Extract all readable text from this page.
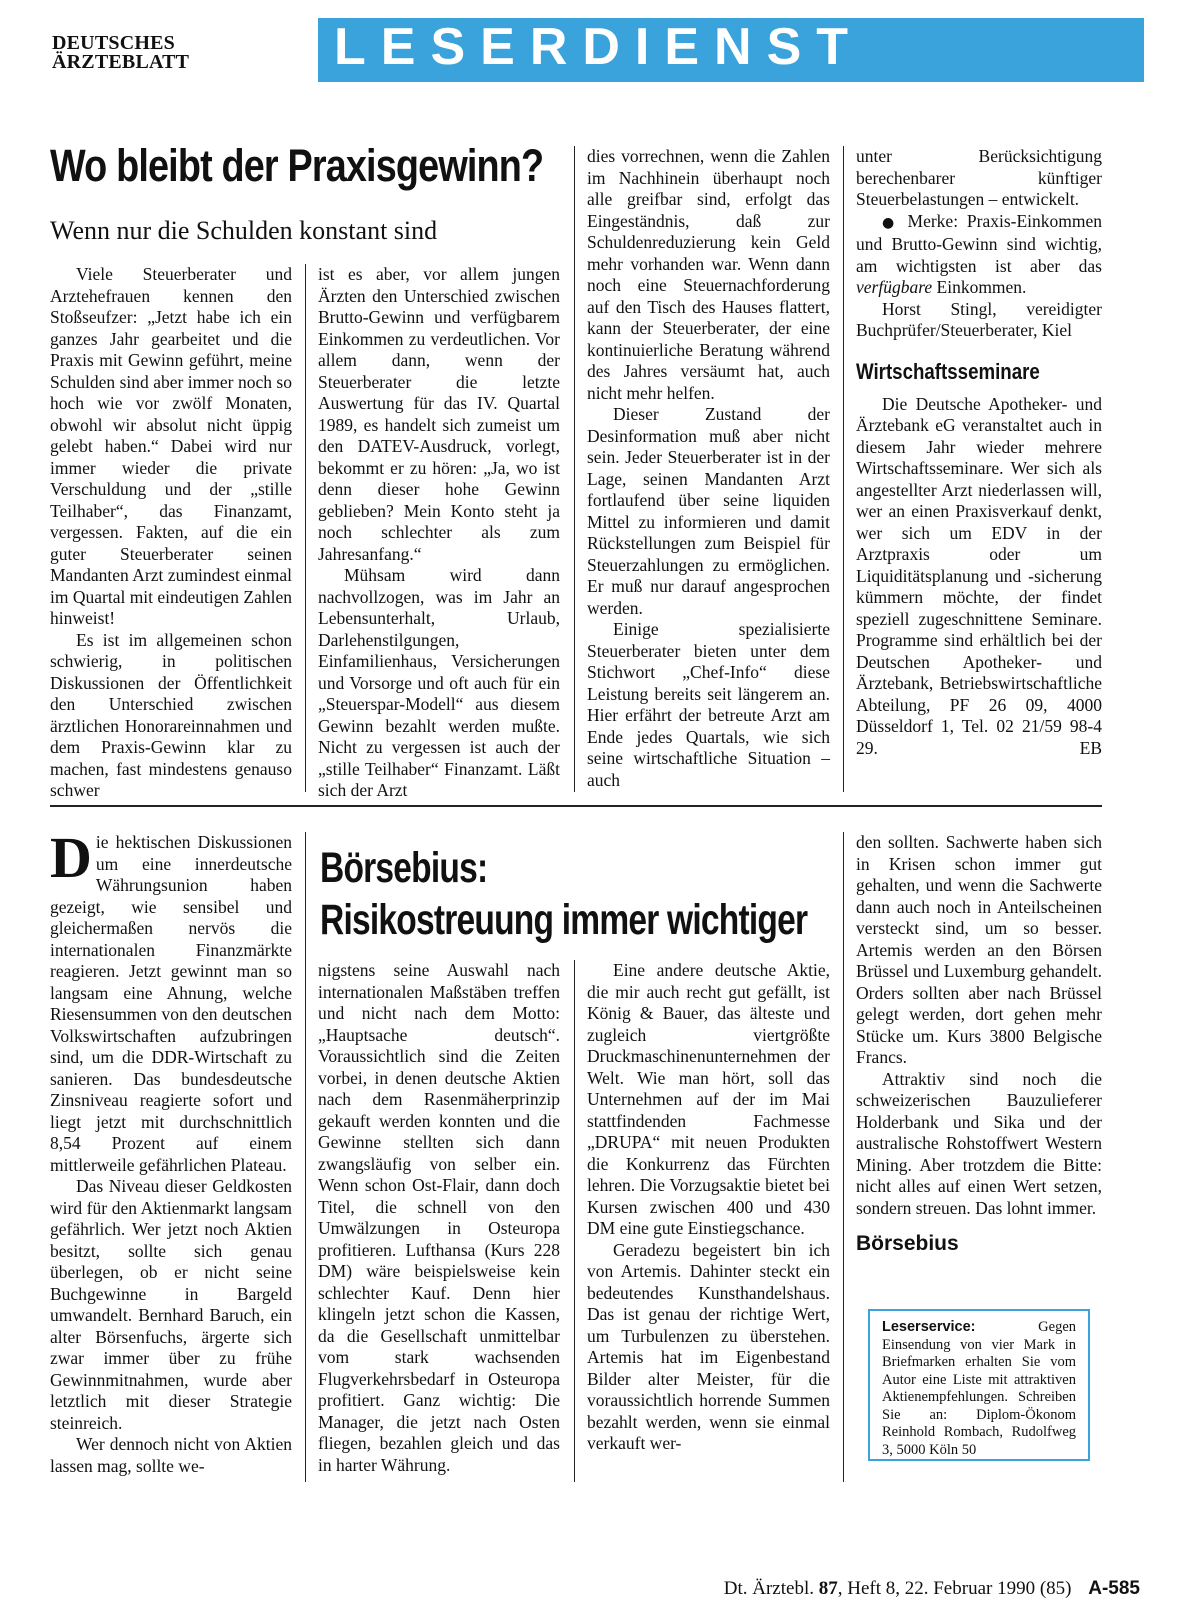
DEUTSCHES
ÄRZTEBLATT	LESERDIENST
Wo bleibt der Praxisgewinn?
Wenn nur die Schulden konstant sind

Viele Steuerberater und Arztehefrauen kennen den Stoßseufzer: „Jetzt habe ich ein ganzes Jahr gearbeitet und die Praxis mit Gewinn geführt, meine Schulden sind aber immer noch so hoch wie vor zwölf Monaten, obwohl wir absolut nicht üppig gelebt haben.“ Dabei wird nur immer wieder die private Verschuldung und der „stille Teilhaber“, das Finanzamt, vergessen. Fakten, auf die ein guter Steuerberater seinen Mandanten Arzt zumindest einmal im Quartal mit eindeutigen Zahlen hinweist!

Es ist im allgemeinen schon schwierig, in politischen Diskussionen der Öffentlichkeit den Unterschied zwischen ärztlichen Honorareinnahmen und dem Praxis-Gewinn klar zu machen, fast mindestens genauso schwer

ist es aber, vor allem jungen Ärzten den Unterschied zwischen Brutto-Gewinn und verfügbarem Einkommen zu verdeutlichen. Vor allem dann, wenn der Steuerberater die letzte Auswertung für das IV. Quartal 1989, es handelt sich zumeist um den DATEV-Ausdruck, vorlegt, bekommt er zu hören: „Ja, wo ist denn dieser hohe Gewinn geblieben? Mein Konto steht ja noch schlechter als zum Jahresanfang.“

Mühsam wird dann nachvollzogen, was im Jahr an Lebensunterhalt, Urlaub, Darlehenstilgungen, Einfamilienhaus, Versicherungen und Vorsorge und oft auch für ein „Steuerspar-Modell“ aus diesem Gewinn bezahlt werden mußte. Nicht zu vergessen ist auch der „stille Teilhaber“ Finanzamt. Läßt sich der Arzt

dies vorrechnen, wenn die Zahlen im Nachhinein überhaupt noch alle greifbar sind, erfolgt das Eingeständnis, daß zur Schuldenreduzierung kein Geld mehr vorhanden war. Wenn dann noch eine Steuernachforderung auf den Tisch des Hauses flattert, kann der Steuerberater, der eine kontinuierliche Beratung während des Jahres versäumt hat, auch nicht mehr helfen.

Dieser Zustand der Desinformation muß aber nicht sein. Jeder Steuerberater ist in der Lage, seinen Mandanten Arzt fortlaufend über seine liquiden Mittel zu informieren und damit Rückstellungen zum Beispiel für Steuerzahlungen zu ermöglichen. Er muß nur darauf angesprochen werden.

Einige spezialisierte Steuerberater bieten unter dem Stichwort „Chef-Info“ diese Leistung bereits seit längerem an. Hier erfährt der betreute Arzt am Ende jedes Quartals, wie sich seine wirtschaftliche Situation – auch

unter Berücksichtigung berechenbarer künftiger Steuerbelastungen – entwickelt.

● Merke: Praxis-Einkommen und Brutto-Gewinn sind wichtig, am wichtigsten ist aber das verfügbare Einkommen.

Horst Stingl, vereidigter Buchprüfer/Steuerberater, Kiel

Wirtschaftsseminare

Die Deutsche Apotheker- und Ärztebank eG veranstaltet auch in diesem Jahr wieder mehrere Wirtschaftsseminare. Wer sich als angestellter Arzt niederlassen will, wer an einen Praxisverkauf denkt, wer sich um EDV in der Arztpraxis oder um Liquiditätsplanung und -sicherung kümmern möchte, der findet speziell zugeschnittene Seminare. Programme sind erhältlich bei der Deutschen Apotheker- und Ärztebank, Betriebswirtschaftliche Abteilung, PF 26 09, 4000 Düsseldorf 1, Tel. 02 21/59 98-4 29.	EB

Die hektischen Diskussionen um eine innerdeutsche Währungsunion haben gezeigt, wie sensibel und gleichermaßen nervös die internationalen Finanzmärkte reagieren. Jetzt gewinnt man so langsam eine Ahnung, welche Riesensummen von den deutschen Volkswirtschaften aufzubringen sind, um die DDR-Wirtschaft zu sanieren. Das bundesdeutsche Zinsniveau reagierte sofort und liegt jetzt mit durchschnittlich 8,54 Prozent auf einem mittlerweile gefährlichen Plateau.

Das Niveau dieser Geldkosten wird für den Aktienmarkt langsam gefährlich. Wer jetzt noch Aktien besitzt, sollte sich genau überlegen, ob er nicht seine Buchgewinne in Bargeld umwandelt. Bernhard Baruch, ein alter Börsenfuchs, ärgerte sich zwar immer über zu frühe Gewinnmitnahmen, wurde aber letztlich mit dieser Strategie steinreich.

Wer dennoch nicht von Aktien lassen mag, sollte we-

Börsebius:
Risikostreuung immer wichtiger

nigstens seine Auswahl nach internationalen Maßstäben treffen und nicht nach dem Motto: „Hauptsache deutsch“. Voraussichtlich sind die Zeiten vorbei, in denen deutsche Aktien nach dem Rasenmäherprinzip gekauft werden konnten und die Gewinne stellten sich dann zwangsläufig von selber ein. Wenn schon Ost-Flair, dann doch Titel, die schnell von den Umwälzungen in Osteuropa profitieren. Lufthansa (Kurs 228 DM) wäre beispielsweise kein schlechter Kauf. Denn hier klingeln jetzt schon die Kassen, da die Gesellschaft unmittelbar vom stark wachsenden Flugverkehrsbedarf in Osteuropa profitiert. Ganz wichtig: Die Manager, die jetzt nach Osten fliegen, bezahlen gleich und das in harter Währung.

Eine andere deutsche Aktie, die mir auch recht gut gefällt, ist König & Bauer, das älteste und zugleich viertgrößte Druckmaschinenunternehmen der Welt. Wie man hört, soll das Unternehmen auf der im Mai stattfindenden Fachmesse „DRUPA“ mit neuen Produkten die Konkurrenz das Fürchten lehren. Die Vorzugsaktie bietet bei Kursen zwischen 400 und 430 DM eine gute Einstiegschance.

Geradezu begeistert bin ich von Artemis. Dahinter steckt ein bedeutendes Kunsthandelshaus. Das ist genau der richtige Wert, um Turbulenzen zu überstehen. Artemis hat im Eigenbestand Bilder alter Meister, für die voraussichtlich horrende Summen bezahlt werden, wenn sie einmal verkauft wer-

den sollten. Sachwerte haben sich in Krisen schon immer gut gehalten, und wenn die Sachwerte dann auch noch in Anteilscheinen versteckt sind, um so besser. Artemis werden an den Börsen Brüssel und Luxemburg gehandelt. Orders sollten aber nach Brüssel gelegt werden, dort gehen mehr Stücke um. Kurs 3800 Belgische Francs.

Attraktiv sind noch die schweizerischen Bauzulieferer Holderbank und Sika und der australische Rohstoffwert Western Mining. Aber trotzdem die Bitte: nicht alles auf einen Wert setzen, sondern streuen. Das lohnt immer.

Börsebius
Leserservice:	Gegen Einsendung von vier Mark in Briefmarken erhalten Sie vom Autor eine Liste mit attraktiven Aktienempfehlungen. Schreiben Sie an: Diplom-Ökonom Reinhold Rombach, Rudolfweg 3, 5000 Köln 50
Dt. Ärztebl. 87, Heft 8, 22. Februar 1990 (85) A-585
